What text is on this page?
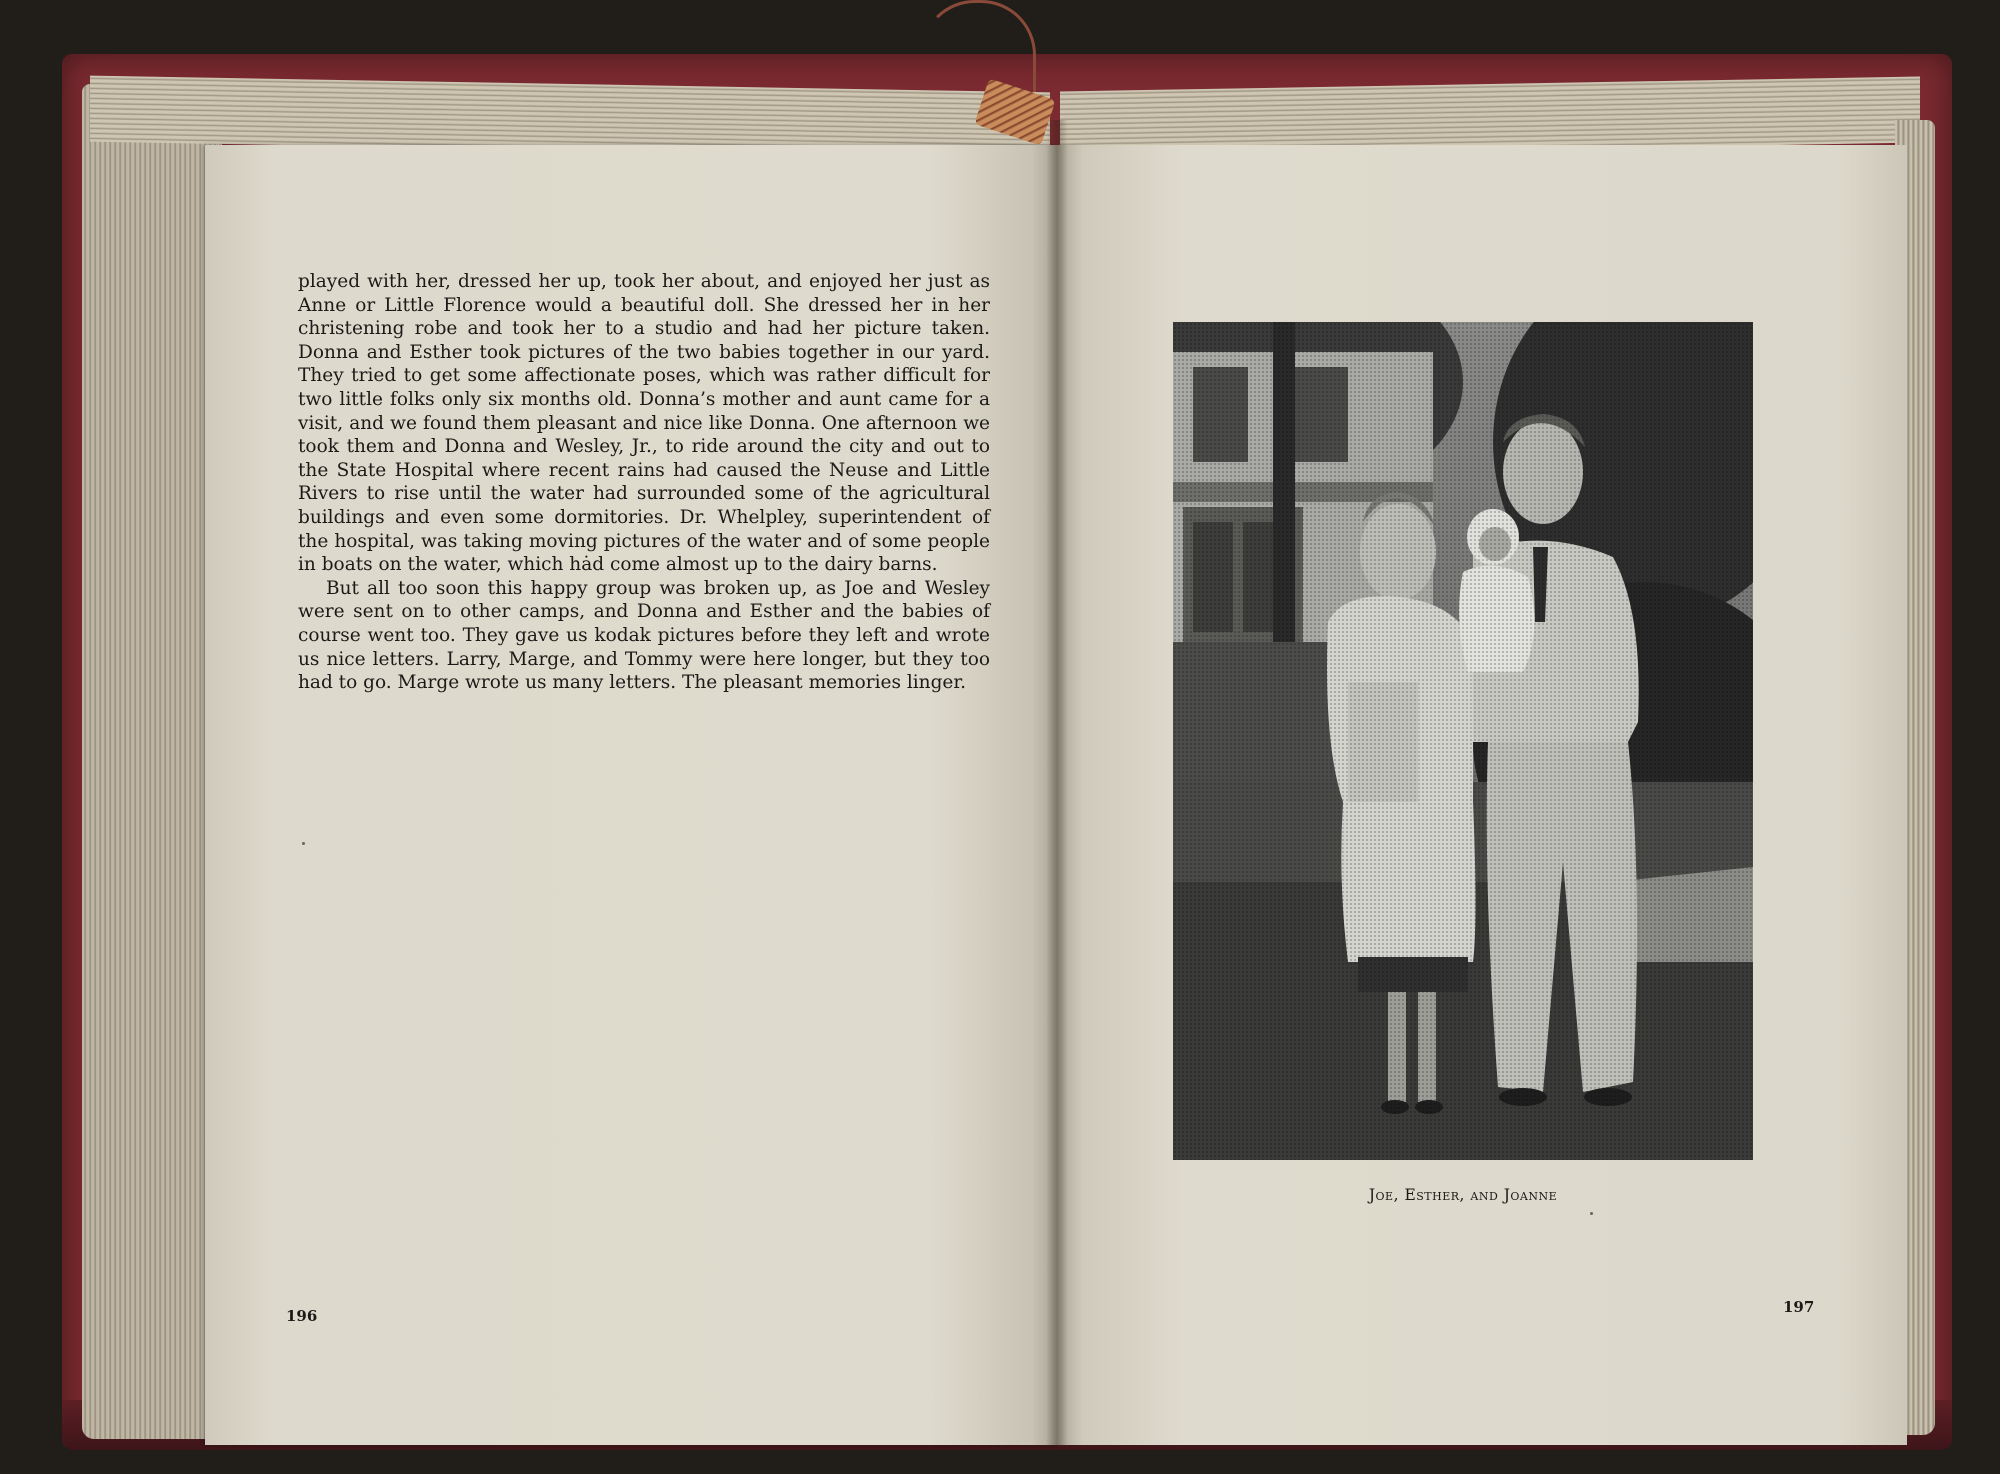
played with her, dressed her up, took her about, and enjoyed her just as Anne or Little Florence would a beautiful doll. She dressed her in her christening robe and took her to a studio and had her picture taken. Donna and Esther took pictures of the two babies together in our yard. They tried to get some affectionate poses, which was rather difficult for two little folks only six months old. Donna’s mother and aunt came for a visit, and we found them pleasant and nice like Donna. One afternoon we took them and Donna and Wesley, Jr., to ride around the city and out to the State Hospital where recent rains had caused the Neuse and Little Rivers to rise until the water had surrounded some of the agricultural buildings and even some dormitories. Dr. Whelpley, superintendent of the hospital, was taking moving pictures of the water and of some people in boats on the water, which hȧd come almost up to the dairy barns.

But all too soon this happy group was broken up, as Joe and Wesley were sent on to other camps, and Donna and Esther and the babies of course went too. They gave us kodak pictures before they left and wrote us nice letters. Larry, Marge, and Tommy were here longer, but they too had to go. Marge wrote us many letters. The pleasant memories linger.

196
Joe, Esther, and Joanne
197
